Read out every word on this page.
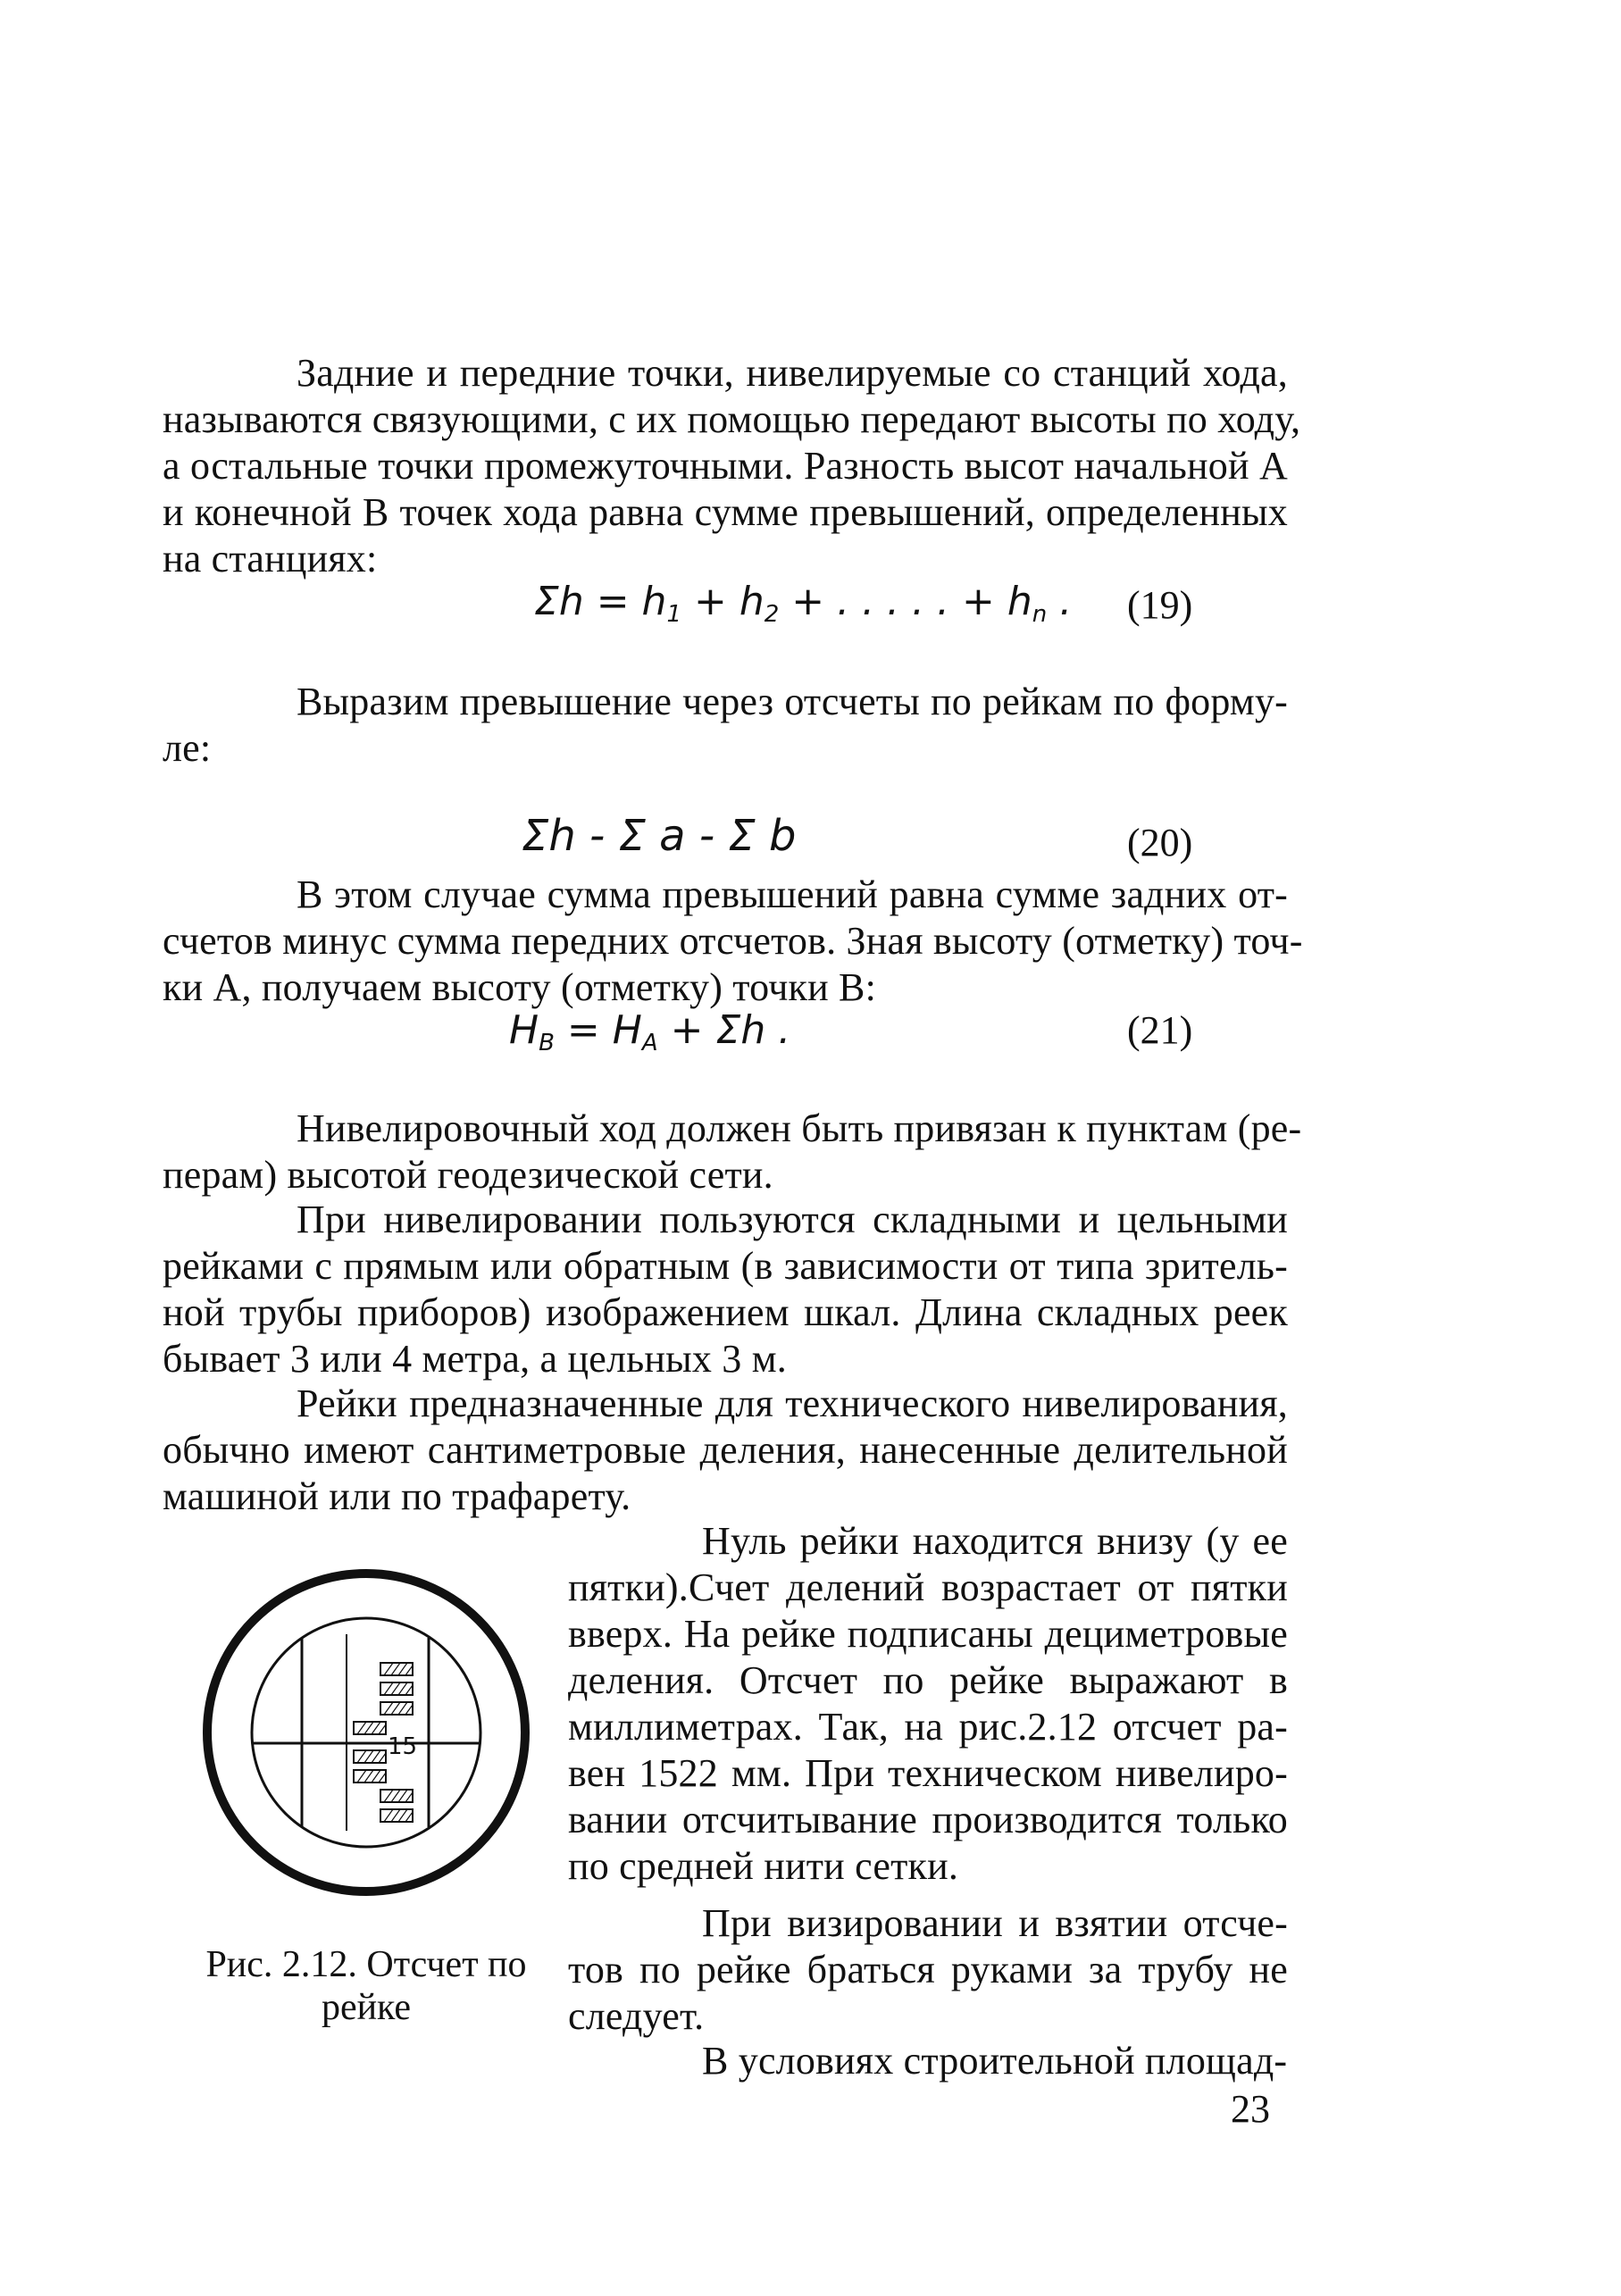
Задние и передние точки, нивелируемые со станций хода,
называются связующими, с их помощью передают высоты по ходу,
а остальные точки промежуточными. Разность высот начальной А
и конечной В точек хода равна сумме превышений, определенных
на станциях:
$\Sigma h = h_1 + h_2$ + . . . . . + $h_n$ . (19)
Выразим превышение через отсчеты по рейкам по форму-
ле:
Σh - Σ a - Σ b	(20)
В этом случае сумма превышений равна сумме задних от-
счетов минус сумма передних отсчетов. Зная высоту (отметку) точ-
ки А, получаем высоту (отметку) точки В:
$H_B = H_A + \Sigma h$ .	(21)
Нивелировочный ход должен быть привязан к пунктам (ре-
перам) высотой геодезической сети.
При нивелировании пользуются складными и цельными
рейками с прямым или обратным (в зависимости от типа зритель-
ной трубы приборов) изображением шкал. Длина складных реек
бывает 3 или 4 метра, а цельных 3 м.
Рейки предназначенные для технического нивелирования,
обычно имеют сантиметровые деления, нанесенные делительной
машиной или по трафарету.
15
Рис. 2.12. Отсчет по
рейке
Нуль рейки находится внизу (у ее
пятки).Счет делений возрастает от пятки
вверх. На рейке подписаны дециметровые
деления. Отсчет по рейке выражают в
миллиметрах. Так, на рис.2.12 отсчет ра-
вен 1522 мм. При техническом нивелиро-
вании отсчитывание производится только
по средней нити сетки.
При визировании и взятии отсче-
тов по рейке браться руками за трубу не
следует.
В условиях строительной площад-
23
